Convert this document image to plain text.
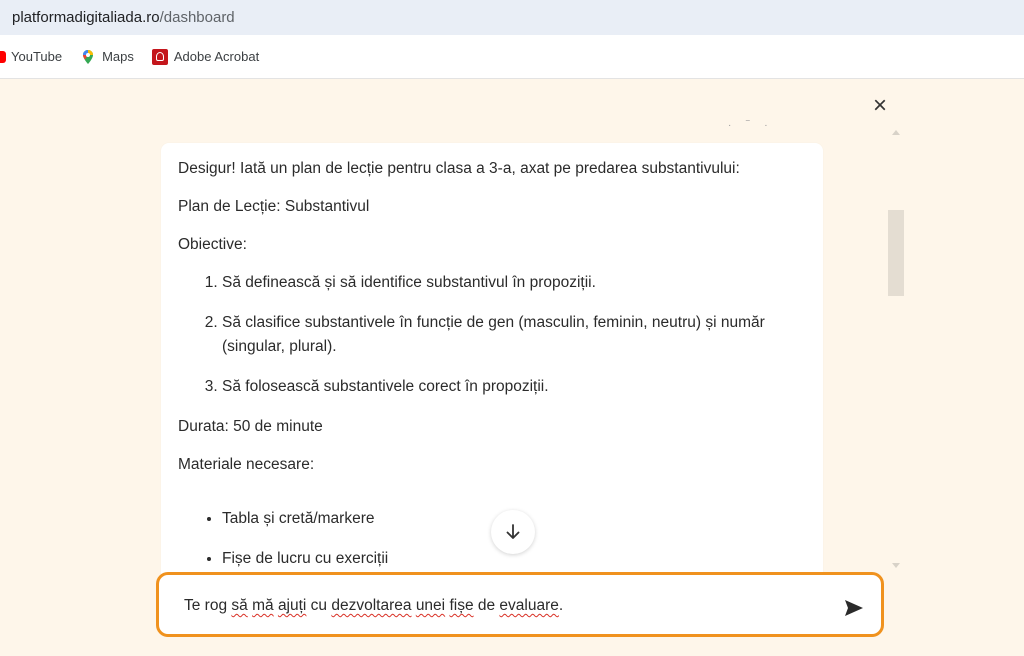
platformadigitaliada.ro/dashboard
YouTube	Maps	Adobe Acrobat
×
· ‾ ·

Desigur! Iată un plan de lecție pentru clasa a 3-a, axat pe predarea substantivului:

Plan de Lecție: Substantivul

Obiective:

1. Să definească și să identifice substantivul în propoziții.
2. Să clasifice substantivele în funcție de gen (masculin, feminin, neutru) și număr (singular, plural).
3. Să folosească substantivele corect în propoziții.

Durata: 50 de minute

Materiale necesare:

• Tabla și cretă/markere
• Fișe de lucru cu exerciții
Te rog să mă ajuți cu dezvoltarea unei fișe de evaluare.
